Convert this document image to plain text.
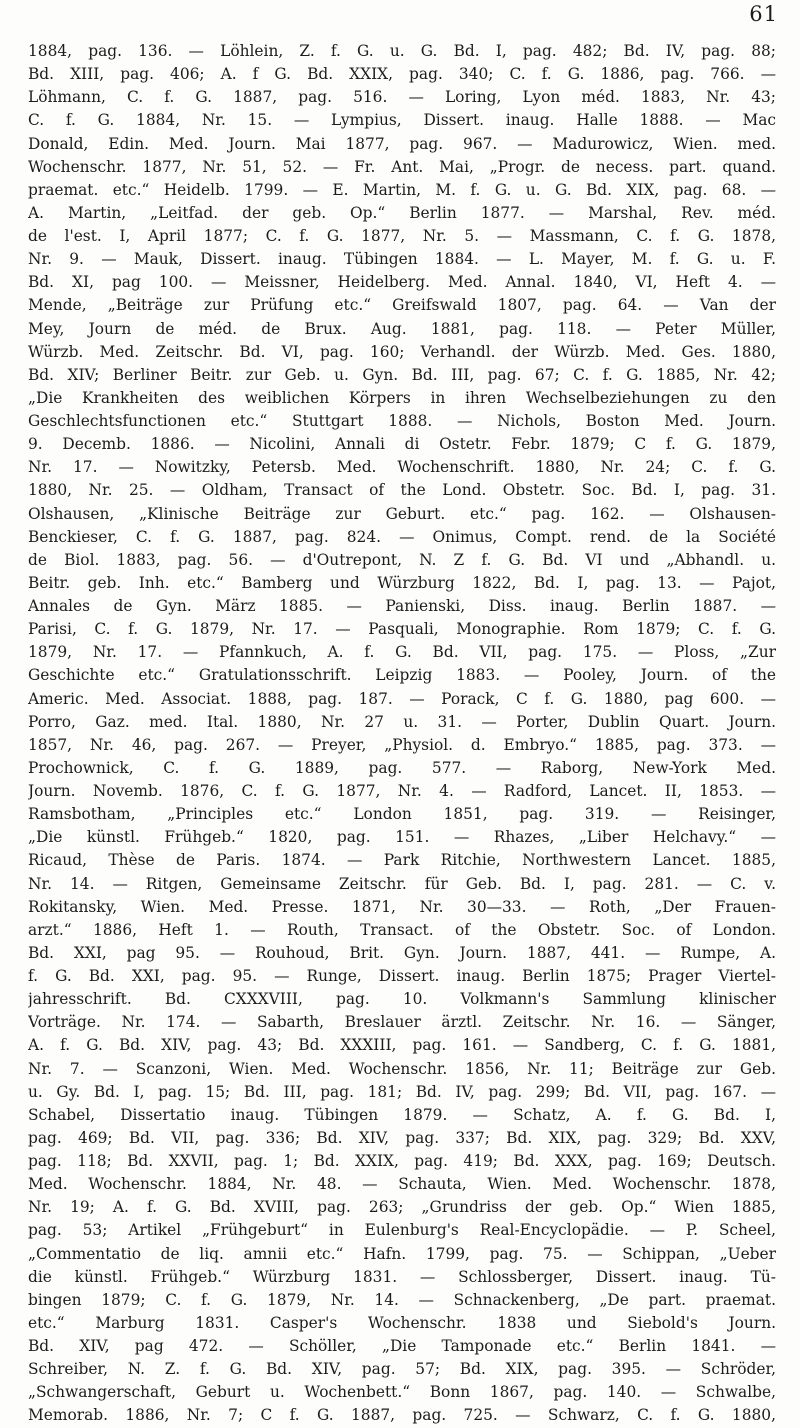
61
1884, pag. 136. — Löhlein, Z. f. G. u. G. Bd. I, pag. 482; Bd. IV, pag. 88;
Bd. XIII, pag. 406; A. f G. Bd. XXIX, pag. 340; C. f. G. 1886, pag. 766. —
Löhmann, C. f. G. 1887, pag. 516. — Loring, Lyon méd. 1883, Nr. 43;
C. f. G. 1884, Nr. 15. — Lympius, Dissert. inaug. Halle 1888. — Mac
Donald, Edin. Med. Journ. Mai 1877, pag. 967. — Madurowicz, Wien. med.
Wochenschr. 1877, Nr. 51, 52. — Fr. Ant. Mai, „Progr. de necess. part. quand.
praemat. etc.“ Heidelb. 1799. — E. Martin, M. f. G. u. G. Bd. XIX, pag. 68. —
A. Martin, „Leitfad. der geb. Op.“ Berlin 1877. — Marshal, Rev. méd.
de l'est. I, April 1877; C. f. G. 1877, Nr. 5. — Massmann, C. f. G. 1878,
Nr. 9. — Mauk, Dissert. inaug. Tübingen 1884. — L. Mayer, M. f. G. u. F.
Bd. XI, pag 100. — Meissner, Heidelberg. Med. Annal. 1840, VI, Heft 4. —
Mende, „Beiträge zur Prüfung etc.“ Greifswald 1807, pag. 64. — Van der
Mey, Journ de méd. de Brux. Aug. 1881, pag. 118. — Peter Müller,
Würzb. Med. Zeitschr. Bd. VI, pag. 160; Verhandl. der Würzb. Med. Ges. 1880,
Bd. XIV; Berliner Beitr. zur Geb. u. Gyn. Bd. III, pag. 67; C. f. G. 1885, Nr. 42;
„Die Krankheiten des weiblichen Körpers in ihren Wechselbeziehungen zu den
Geschlechtsfunctionen etc.“ Stuttgart 1888. — Nichols, Boston Med. Journ.
9. Decemb. 1886. — Nicolini, Annali di Ostetr. Febr. 1879; C f. G. 1879,
Nr. 17. — Nowitzky, Petersb. Med. Wochenschrift. 1880, Nr. 24; C. f. G.
1880, Nr. 25. — Oldham, Transact of the Lond. Obstetr. Soc. Bd. I, pag. 31.
Olshausen, „Klinische Beiträge zur Geburt. etc.“ pag. 162. — Olshausen-
Benckieser, C. f. G. 1887, pag. 824. — Onimus, Compt. rend. de la Société
de Biol. 1883, pag. 56. — d'Outrepont, N. Z f. G. Bd. VI und „Abhandl. u.
Beitr. geb. Inh. etc.“ Bamberg und Würzburg 1822, Bd. I, pag. 13. — Pajot,
Annales de Gyn. März 1885. — Panienski, Diss. inaug. Berlin 1887. —
Parisi, C. f. G. 1879, Nr. 17. — Pasquali, Monographie. Rom 1879; C. f. G.
1879, Nr. 17. — Pfannkuch, A. f. G. Bd. VII, pag. 175. — Ploss, „Zur
Geschichte etc.“ Gratulationsschrift. Leipzig 1883. — Pooley, Journ. of the
Americ. Med. Associat. 1888, pag. 187. — Porack, C f. G. 1880, pag 600. —
Porro, Gaz. med. Ital. 1880, Nr. 27 u. 31. — Porter, Dublin Quart. Journ.
1857, Nr. 46, pag. 267. — Preyer, „Physiol. d. Embryo.“ 1885, pag. 373. —
Prochownick, C. f. G. 1889, pag. 577. — Raborg, New-York Med.
Journ. Novemb. 1876, C. f. G. 1877, Nr. 4. — Radford, Lancet. II, 1853. —
Ramsbotham, „Principles etc.“ London 1851, pag. 319. — Reisinger,
„Die künstl. Frühgeb.“ 1820, pag. 151. — Rhazes, „Liber Helchavy.“ —
Ricaud, Thèse de Paris. 1874. — Park Ritchie, Northwestern Lancet. 1885,
Nr. 14. — Ritgen, Gemeinsame Zeitschr. für Geb. Bd. I, pag. 281. — C. v.
Rokitansky, Wien. Med. Presse. 1871, Nr. 30—33. — Roth, „Der Frauen-
arzt.“ 1886, Heft 1. — Routh, Transact. of the Obstetr. Soc. of London.
Bd. XXI, pag 95. — Rouhoud, Brit. Gyn. Journ. 1887, 441. — Rumpe, A.
f. G. Bd. XXI, pag. 95. — Runge, Dissert. inaug. Berlin 1875; Prager Viertel-
jahresschrift. Bd. CXXXVIII, pag. 10. Volkmann's Sammlung klinischer
Vorträge. Nr. 174. — Sabarth, Breslauer ärztl. Zeitschr. Nr. 16. — Sänger,
A. f. G. Bd. XIV, pag. 43; Bd. XXXIII, pag. 161. — Sandberg, C. f. G. 1881,
Nr. 7. — Scanzoni, Wien. Med. Wochenschr. 1856, Nr. 11; Beiträge zur Geb.
u. Gy. Bd. I, pag. 15; Bd. III, pag. 181; Bd. IV, pag. 299; Bd. VII, pag. 167. —
Schabel, Dissertatio inaug. Tübingen 1879. — Schatz, A. f. G. Bd. I,
pag. 469; Bd. VII, pag. 336; Bd. XIV, pag. 337; Bd. XIX, pag. 329; Bd. XXV,
pag. 118; Bd. XXVII, pag. 1; Bd. XXIX, pag. 419; Bd. XXX, pag. 169; Deutsch.
Med. Wochenschr. 1884, Nr. 48. — Schauta, Wien. Med. Wochenschr. 1878,
Nr. 19; A. f. G. Bd. XVIII, pag. 263; „Grundriss der geb. Op.“ Wien 1885,
pag. 53; Artikel „Frühgeburt“ in Eulenburg's Real-Encyclopädie. — P. Scheel,
„Commentatio de liq. amnii etc.“ Hafn. 1799, pag. 75. — Schippan, „Ueber
die künstl. Frühgeb.“ Würzburg 1831. — Schlossberger, Dissert. inaug. Tü-
bingen 1879; C. f. G. 1879, Nr. 14. — Schnackenberg, „De part. praemat.
etc.“ Marburg 1831. Casper's Wochenschr. 1838 und Siebold's Journ.
Bd. XIV, pag 472. — Schöller, „Die Tamponade etc.“ Berlin 1841. —
Schreiber, N. Z. f. G. Bd. XIV, pag. 57; Bd. XIX, pag. 395. — Schröder,
„Schwangerschaft, Geburt u. Wochenbett.“ Bonn 1867, pag. 140. — Schwalbe,
Memorab. 1886, Nr. 7; C f. G. 1887, pag. 725. — Schwarz, C. f. G. 1880,
